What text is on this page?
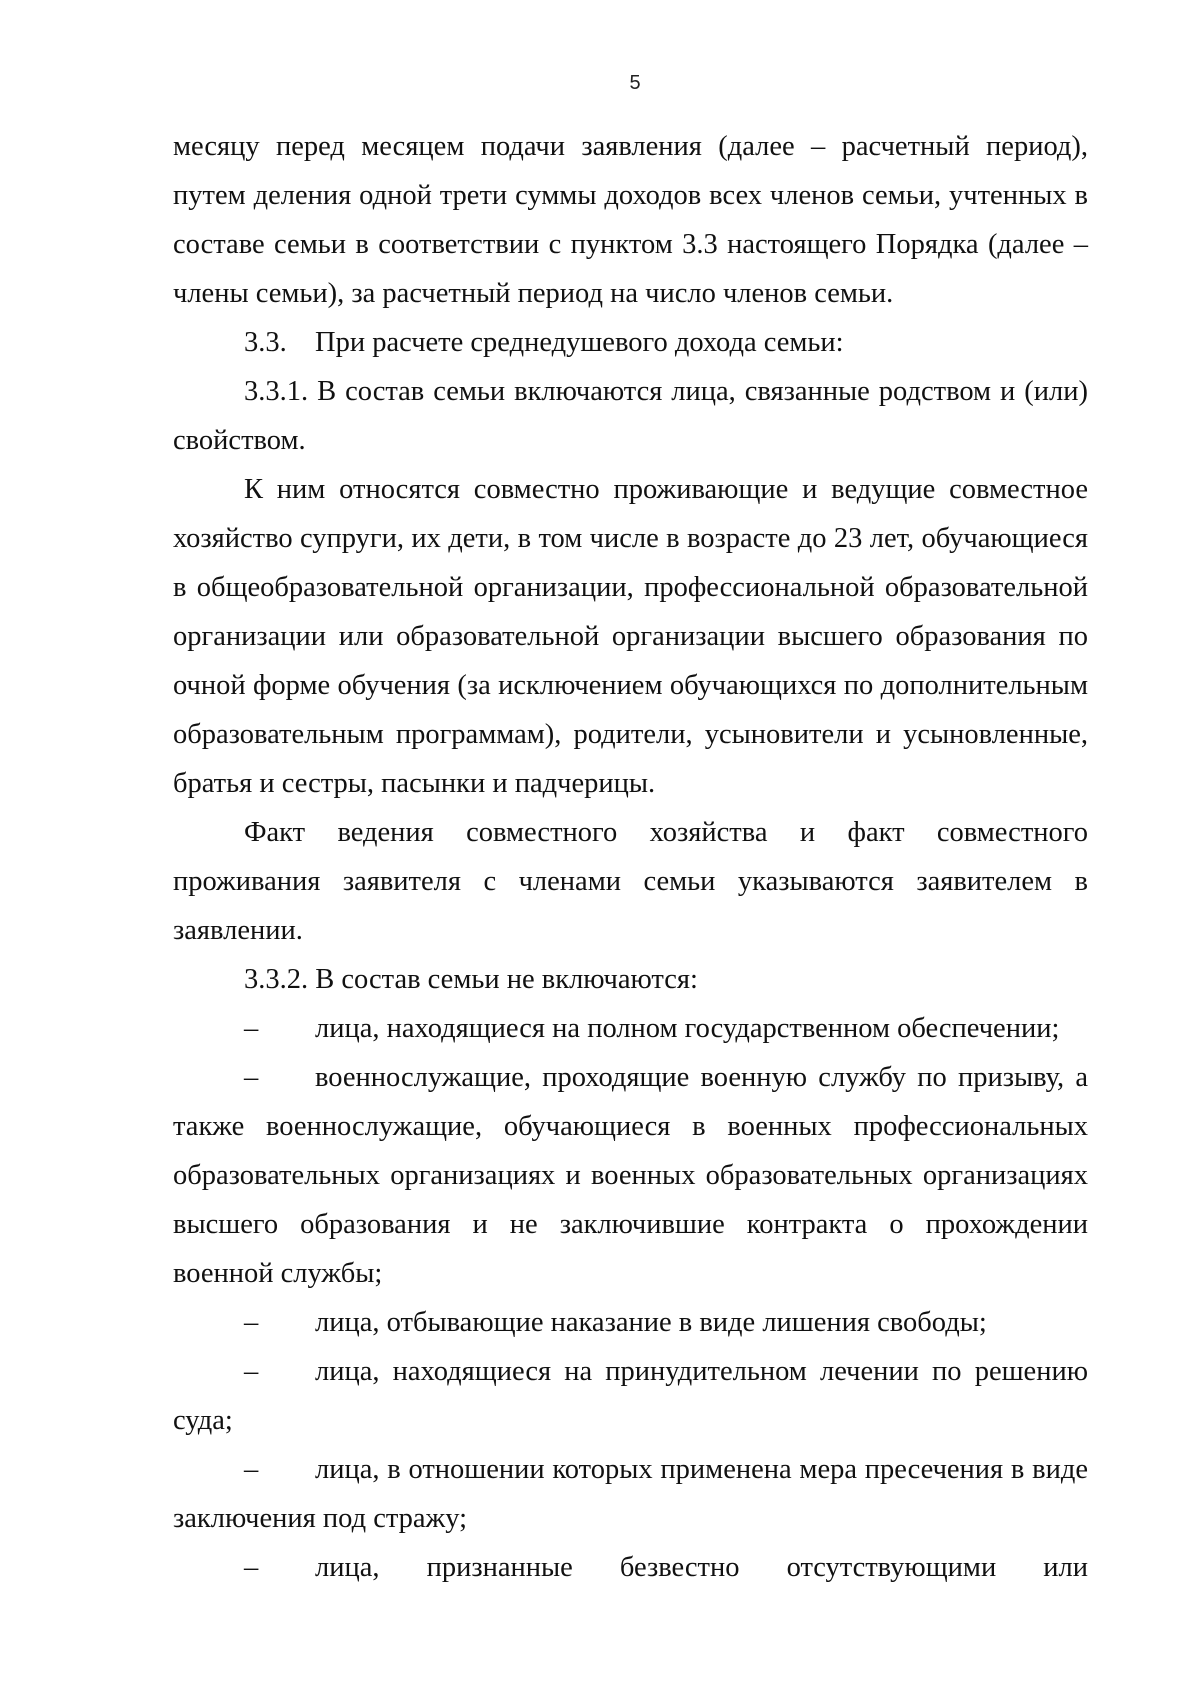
5

месяцу перед месяцем подачи заявления (далее – расчетный период), путем деления одной трети суммы доходов всех членов семьи, учтенных в составе семьи в соответствии с пунктом 3.3 настоящего Порядка (далее – члены семьи), за расчетный период на число членов семьи.

3.3. При расчете среднедушевого дохода семьи:

3.3.1. В состав семьи включаются лица, связанные родством и (или) свойством.

К ним относятся совместно проживающие и ведущие совместное хозяйство супруги, их дети, в том числе в возрасте до 23 лет, обучающиеся в общеобразовательной организации, профессиональной образовательной организации или образовательной организации высшего образования по очной форме обучения (за исключением обучающихся по дополнительным образовательным программам), родители, усыновители и усыновленные, братья и сестры, пасынки и падчерицы.

Факт ведения совместного хозяйства и факт совместного проживания заявителя с членами семьи указываются заявителем в заявлении.

3.3.2. В состав семьи не включаются:

– лица, находящиеся на полном государственном обеспечении;

– военнослужащие, проходящие военную службу по призыву, а также военнослужащие, обучающиеся в военных профессиональных образовательных организациях и военных образовательных организациях высшего образования и не заключившие контракта о прохождении военной службы;

– лица, отбывающие наказание в виде лишения свободы;

– лица, находящиеся на принудительном лечении по решению суда;

– лица, в отношении которых применена мера пресечения в виде заключения под стражу;

– лица, признанные безвестно отсутствующими или
